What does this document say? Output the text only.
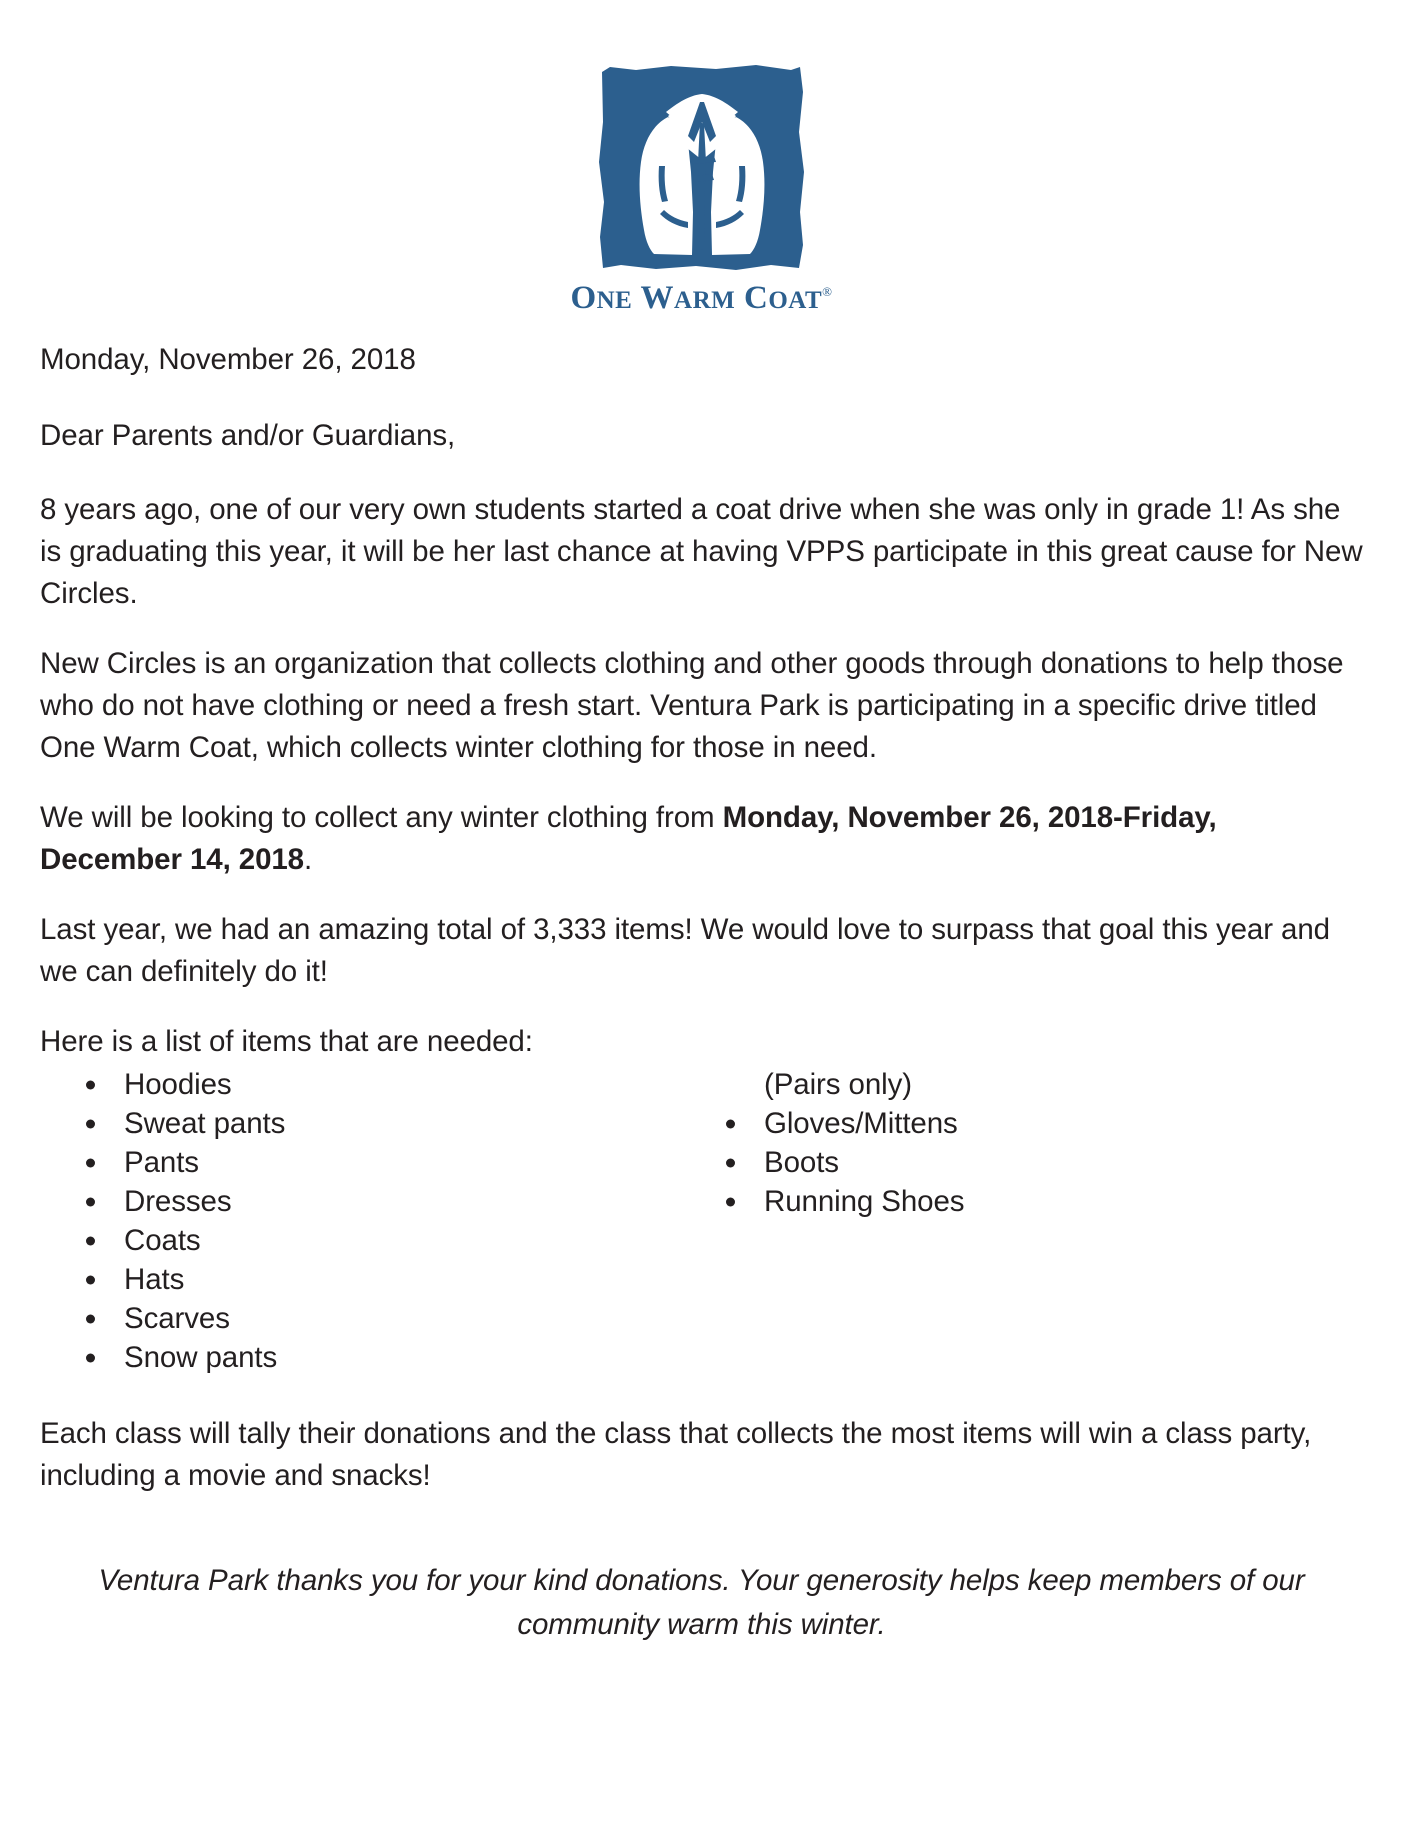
ONE WARM COAT®

Monday, November 26, 2018

Dear Parents and/or Guardians,

8 years ago, one of our very own students started a coat drive when she was only in grade 1! As she is graduating this year, it will be her last chance at having VPPS participate in this great cause for New Circles.

New Circles is an organization that collects clothing and other goods through donations to help those who do not have clothing or need a fresh start. Ventura Park is participating in a specific drive titled One Warm Coat, which collects winter clothing for those in need.

We will be looking to collect any winter clothing from Monday, November 26, 2018-Friday, December 14, 2018.

Last year, we had an amazing total of 3,333 items! We would love to surpass that goal this year and we can definitely do it!

Here is a list of items that are needed:

Hoodies
Sweat pants
Pants
Dresses
Coats
Hats
Scarves
Snow pants

(Pairs only)

Gloves/Mittens
Boots
Running Shoes

Each class will tally their donations and the class that collects the most items will win a class party, including a movie and snacks!

Ventura Park thanks you for your kind donations. Your generosity helps keep members of our community warm this winter.
